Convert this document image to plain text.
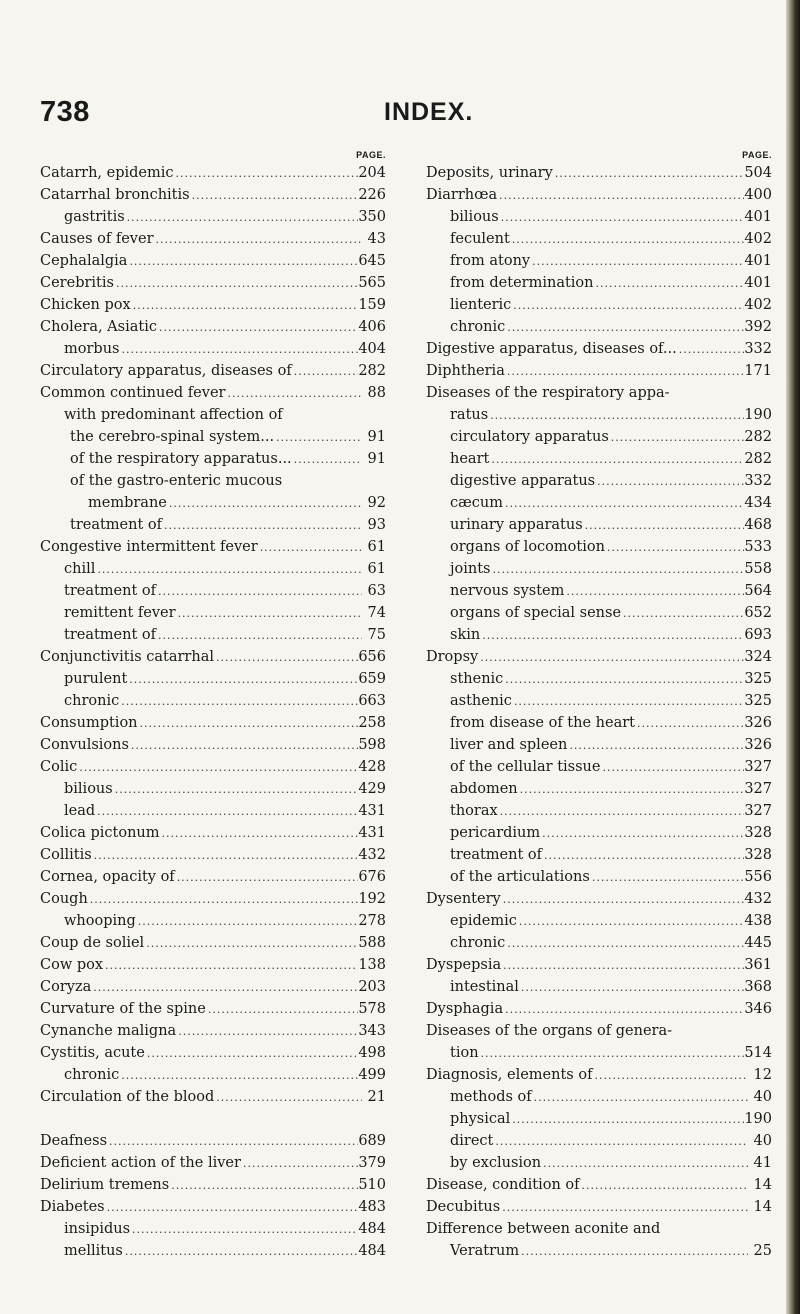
738	INDEX.
PAGE.
Catarrh, epidemic .....	204
Catarrhal bronchitis .....	226
gastritis .....	350
Causes of fever .....	43
Cephalalgia .....	645
Cerebritis .....	565
Chicken pox .....	159
Cholera, Asiatic .....	406
morbus .....	404
Circulatory apparatus, diseases of .....	282
Common continued fever .....	88
with predominant affection of
the cerebro-spinal system... .....	91
of the respiratory apparatus... .....	91
of the gastro-enteric mucous
membrane .....	92
treatment of .....	93
Congestive intermittent fever .....	61
chill .....	61
treatment of .....	63
remittent fever .....	74
treatment of .....	75
Conjunctivitis catarrhal .....	656
purulent .....	659
chronic .....	663
Consumption .....	258
Convulsions .....	598
Colic .....	428
bilious .....	429
lead .....	431
Colica pictonum .....	431
Collitis .....	432
Cornea, opacity of .....	676
Cough .....	192
whooping .....	278
Coup de soliel .....	588
Cow pox .....	138
Coryza .....	203
Curvature of the spine .....	578
Cynanche maligna .....	343
Cystitis, acute .....	498
chronic .....	499
Circulation of the blood .....	21
Deafness .....	689
Deficient action of the liver .....	379
Delirium tremens .....	510
Diabetes .....	483
insipidus .....	484
mellitus .....	484
PAGE.
Deposits, urinary .....	504
Diarrhœa .....	400
bilious .....	401
feculent .....	402
from atony .....	401
from determination .....	401
lienteric .....	402
chronic .....	392
Digestive apparatus, diseases of... .....	332
Diphtheria .....	171
Diseases of the respiratory appa-
ratus .....	190
circulatory apparatus .....	282
heart .....	282
digestive apparatus .....	332
cæcum .....	434
urinary apparatus .....	468
organs of locomotion .....	533
joints .....	558
nervous system .....	564
organs of special sense .....	652
skin .....	693
Dropsy .....	324
sthenic .....	325
asthenic .....	325
from disease of the heart .....	326
liver and spleen .....	326
of the cellular tissue .....	327
abdomen .....	327
thorax .....	327
pericardium .....	328
treatment of .....	328
of the articulations .....	556
Dysentery .....	432
epidemic .....	438
chronic .....	445
Dyspepsia .....	361
intestinal .....	368
Dysphagia .....	346
Diseases of the organs of genera-
tion .....	514
Diagnosis, elements of .....	12
methods of .....	40
physical .....	190
direct .....	40
by exclusion .....	41
Disease, condition of .....	14
Decubitus .....	14
Difference between aconite and
Veratrum .....	25
